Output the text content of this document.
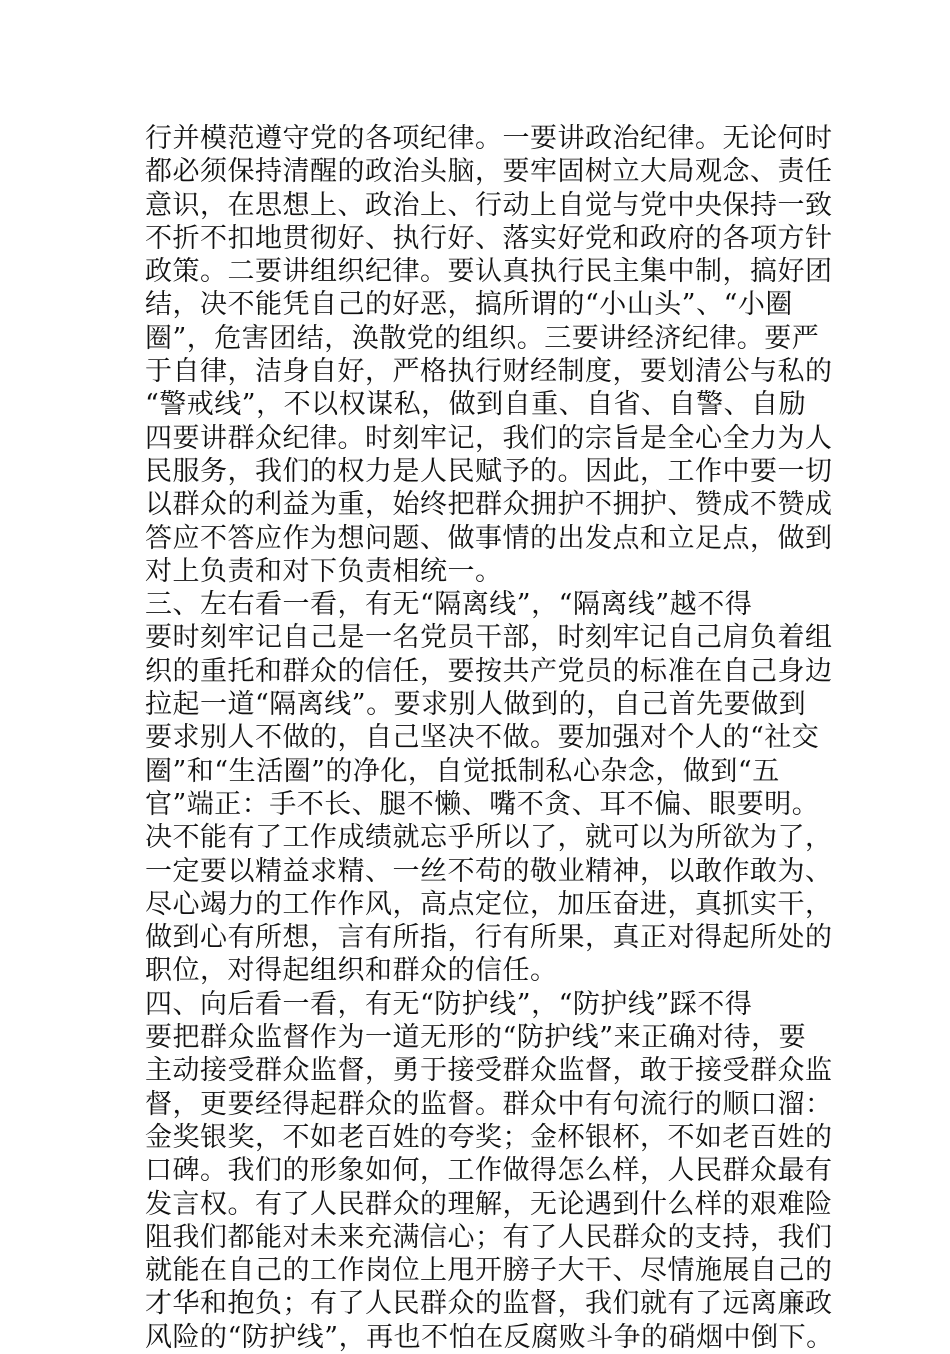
行并模范遵守党的各项纪律。一要讲政治纪律。无论何时
都必须保持清醒的政治头脑，要牢固树立大局观念、责任
意识，在思想上、政治上、行动上自觉与党中央保持一致
不折不扣地贯彻好、执行好、落实好党和政府的各项方针
政策。二要讲组织纪律。要认真执行民主集中制，搞好团
结，决不能凭自己的好恶，搞所谓的“小山头”、“小圈
圈”，危害团结，涣散党的组织。三要讲经济纪律。要严
于自律，洁身自好，严格执行财经制度，要划清公与私的
“警戒线”，不以权谋私，做到自重、自省、自警、自励
四要讲群众纪律。时刻牢记，我们的宗旨是全心全力为人
民服务，我们的权力是人民赋予的。因此，工作中要一切
以群众的利益为重，始终把群众拥护不拥护、赞成不赞成
答应不答应作为想问题、做事情的出发点和立足点，做到
对上负责和对下负责相统一。
三、左右看一看，有无“隔离线”，“隔离线”越不得
要时刻牢记自己是一名党员干部，时刻牢记自己肩负着组
织的重托和群众的信任，要按共产党员的标准在自己身边
拉起一道“隔离线”。要求别人做到的，自己首先要做到
要求别人不做的，自己坚决不做。要加强对个人的“社交
圈”和“生活圈”的净化，自觉抵制私心杂念，做到“五
官”端正：手不长、腿不懒、嘴不贪、耳不偏、眼要明。
决不能有了工作成绩就忘乎所以了，就可以为所欲为了，
一定要以精益求精、一丝不苟的敬业精神，以敢作敢为、
尽心竭力的工作作风，高点定位，加压奋进，真抓实干，
做到心有所想，言有所指，行有所果，真正对得起所处的
职位，对得起组织和群众的信任。
四、向后看一看，有无“防护线”，“防护线”踩不得
要把群众监督作为一道无形的“防护线”来正确对待，要
主动接受群众监督，勇于接受群众监督，敢于接受群众监
督，更要经得起群众的监督。群众中有句流行的顺口溜：
金奖银奖，不如老百姓的夸奖；金杯银杯，不如老百姓的
口碑。我们的形象如何，工作做得怎么样，人民群众最有
发言权。有了人民群众的理解，无论遇到什么样的艰难险
阻我们都能对未来充满信心；有了人民群众的支持，我们
就能在自己的工作岗位上甩开膀子大干、尽情施展自己的
才华和抱负；有了人民群众的监督，我们就有了远离廉政
风险的“防护线”，再也不怕在反腐败斗争的硝烟中倒下。
